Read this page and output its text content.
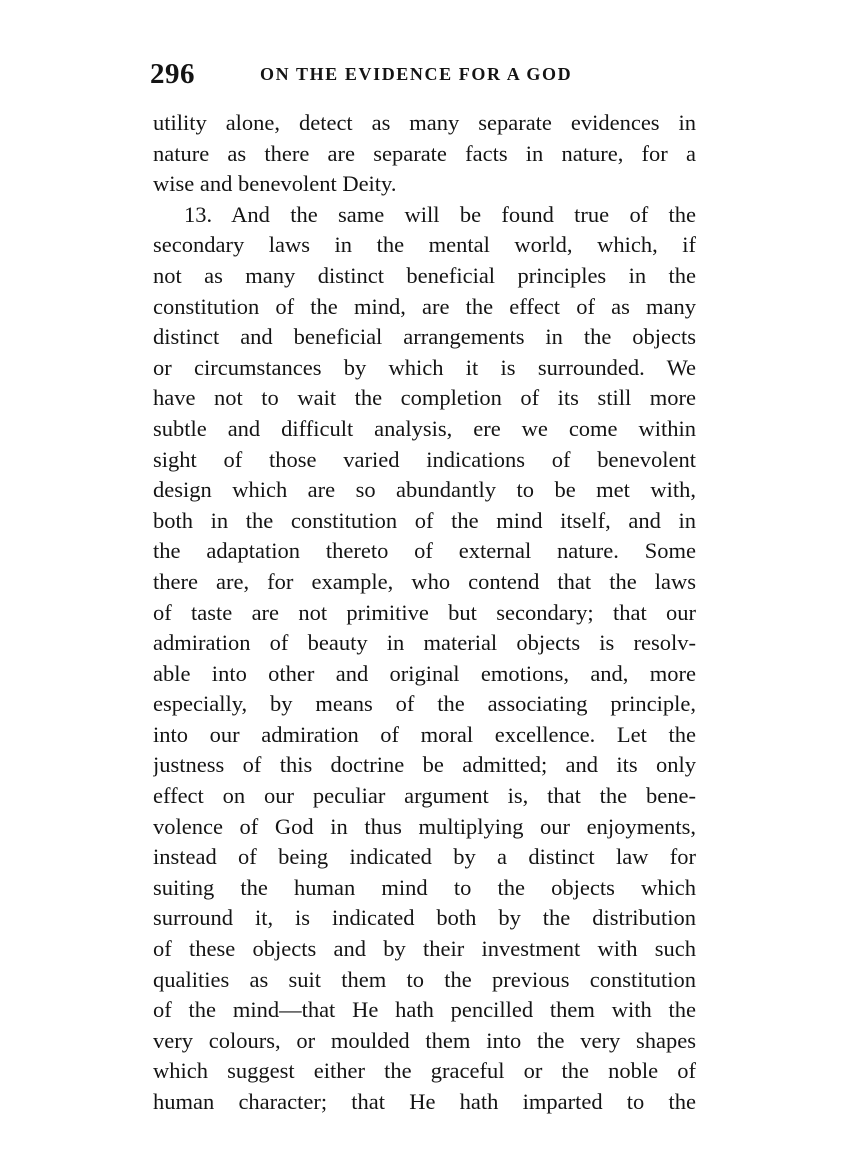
296	ON THE EVIDENCE FOR A GOD
utility alone, detect as many separate evidences in
nature as there are separate facts in nature, for a
wise and benevolent Deity.
13. And the same will be found true of the
secondary laws in the mental world, which, if
not as many distinct beneficial principles in the
constitution of the mind, are the effect of as many
distinct and beneficial arrangements in the objects
or circumstances by which it is surrounded. We
have not to wait the completion of its still more
subtle and difficult analysis, ere we come within
sight of those varied indications of benevolent
design which are so abundantly to be met with,
both in the constitution of the mind itself, and in
the adaptation thereto of external nature. Some
there are, for example, who contend that the laws
of taste are not primitive but secondary; that our
admiration of beauty in material objects is resolv-
able into other and original emotions, and, more
especially, by means of the associating principle,
into our admiration of moral excellence. Let the
justness of this doctrine be admitted; and its only
effect on our peculiar argument is, that the bene-
volence of God in thus multiplying our enjoyments,
instead of being indicated by a distinct law for
suiting the human mind to the objects which
surround it, is indicated both by the distribution
of these objects and by their investment with such
qualities as suit them to the previous constitution
of the mind—that He hath pencilled them with the
very colours, or moulded them into the very shapes
which suggest either the graceful or the noble of
human character; that He hath imparted to the
